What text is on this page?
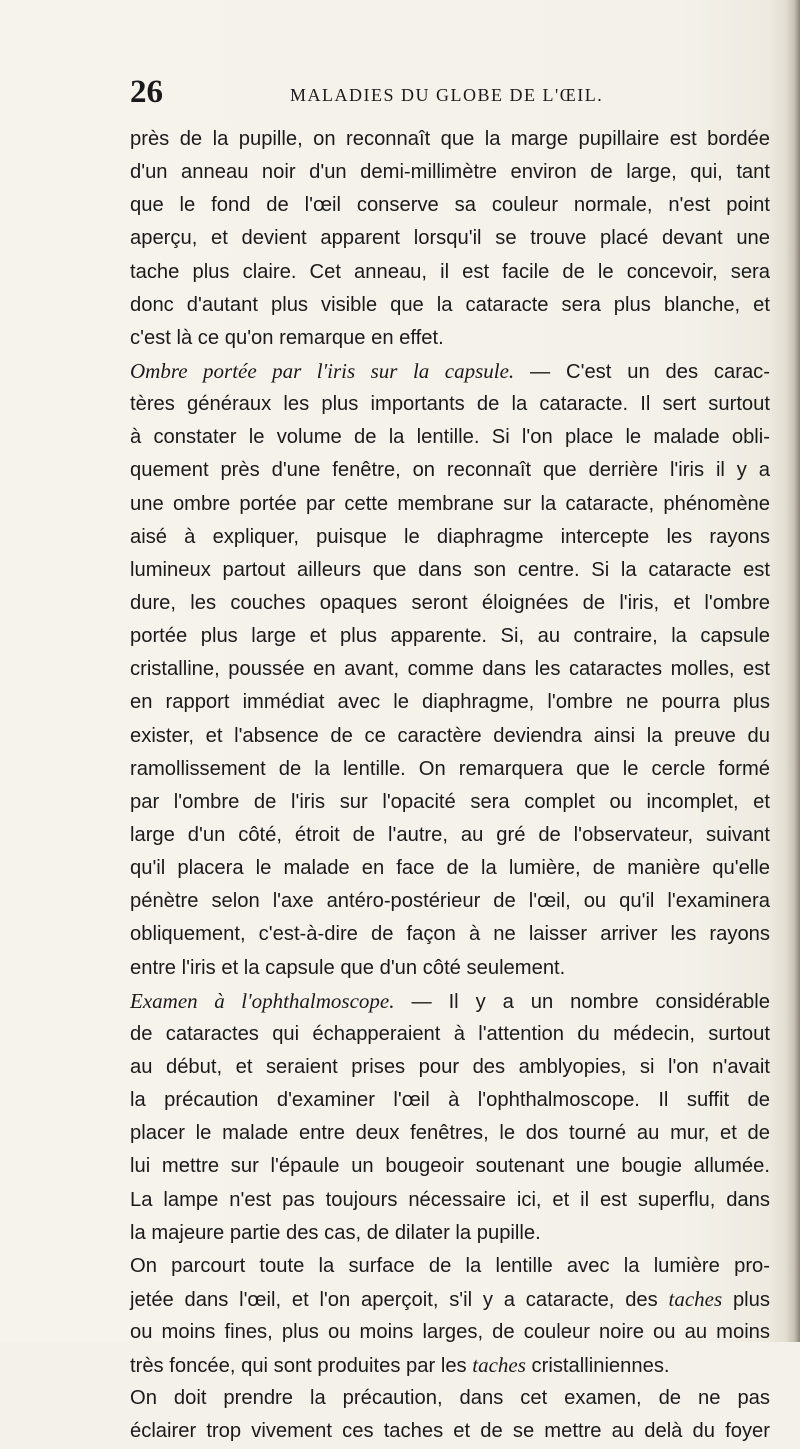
26	MALADIES DU GLOBE DE L'ŒIL.
près de la pupille, on reconnaît que la marge pupillaire est bordée
d'un anneau noir d'un demi-millimètre environ de large, qui, tant
que le fond de l'œil conserve sa couleur normale, n'est point
aperçu, et devient apparent lorsqu'il se trouve placé devant une
tache plus claire. Cet anneau, il est facile de le concevoir, sera
donc d'autant plus visible que la cataracte sera plus blanche, et
c'est là ce qu'on remarque en effet.
Ombre portée par l'iris sur la capsule. — C'est un des carac-
tères généraux les plus importants de la cataracte. Il sert surtout
à constater le volume de la lentille. Si l'on place le malade obli-
quement près d'une fenêtre, on reconnaît que derrière l'iris il y a
une ombre portée par cette membrane sur la cataracte, phénomène
aisé à expliquer, puisque le diaphragme intercepte les rayons
lumineux partout ailleurs que dans son centre. Si la cataracte est
dure, les couches opaques seront éloignées de l'iris, et l'ombre
portée plus large et plus apparente. Si, au contraire, la capsule
cristalline, poussée en avant, comme dans les cataractes molles, est
en rapport immédiat avec le diaphragme, l'ombre ne pourra plus
exister, et l'absence de ce caractère deviendra ainsi la preuve du
ramollissement de la lentille. On remarquera que le cercle formé
par l'ombre de l'iris sur l'opacité sera complet ou incomplet, et
large d'un côté, étroit de l'autre, au gré de l'observateur, suivant
qu'il placera le malade en face de la lumière, de manière qu'elle
pénètre selon l'axe antéro-postérieur de l'œil, ou qu'il l'examinera
obliquement, c'est-à-dire de façon à ne laisser arriver les rayons
entre l'iris et la capsule que d'un côté seulement.
Examen à l'ophthalmoscope. — Il y a un nombre considérable
de cataractes qui échapperaient à l'attention du médecin, surtout
au début, et seraient prises pour des amblyopies, si l'on n'avait
la précaution d'examiner l'œil à l'ophthalmoscope. Il suffit de
placer le malade entre deux fenêtres, le dos tourné au mur, et de
lui mettre sur l'épaule un bougeoir soutenant une bougie allumée.
La lampe n'est pas toujours nécessaire ici, et il est superflu, dans
la majeure partie des cas, de dilater la pupille.
On parcourt toute la surface de la lentille avec la lumière pro-
jetée dans l'œil, et l'on aperçoit, s'il y a cataracte, des taches plus
ou moins fines, plus ou moins larges, de couleur noire ou au moins
très foncée, qui sont produites par les taches cristalliniennes.
On doit prendre la précaution, dans cet examen, de ne pas
éclairer trop vivement ces taches et de se mettre au delà du foyer
